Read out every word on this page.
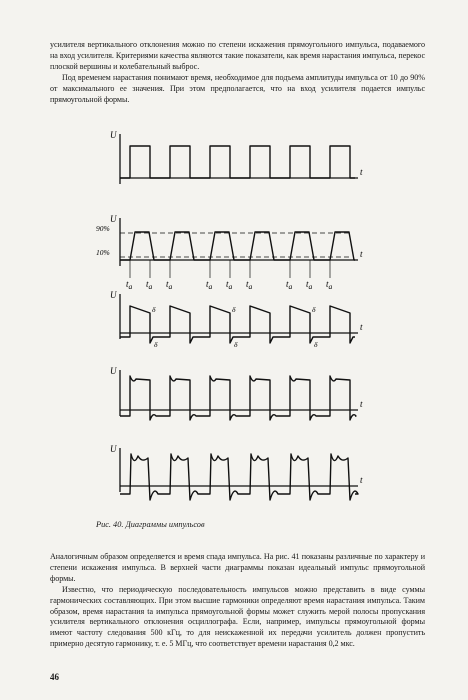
усилителя вертикального отклонения можно по степени искажения прямоугольного импульса, подаваемого на вход усилителя. Критериями качества являются такие показатели, как время нарастания импульса, перекос плоской вершины и колебательный выброс.

Под временем нарастания понимают время, необходимое для подъема амплитуды импульса от 10 до 90% от максимального ее значения. При этом предполагается, что на вход усилителя подается импульс прямоугольной формы.

U
t
U
t
90%
10%
$t_a$ $t_a$ $t_a$	$t_a$ $t_a$ $t_a$	$t_a$ $t_a$ $t_a$
U
t
δ	δ	δ
δ	δ	δ
U
t
U
t
Рис. 40. Диаграммы импульсов

Аналогичным образом определяется и время спада импульса. На рис. 41 показаны различные по характеру и степени искажения импульса. В верхней части диаграммы показан идеальный импульс прямоугольной формы.

Известно, что периодическую последовательность импульсов можно представить в виде суммы гармонических составляющих. При этом высшие гармоники определяют время нарастания импульса. Таким образом, время нарастания tа импульса прямоугольной формы может служить мерой полосы пропускания усилителя вертикального отклонения осциллографа. Если, например, импульсы прямоугольной формы имеют частоту следования 500 кГц, то для неискаженной их передачи усилитель должен пропустить примерно десятую гармонику, т. е. 5 МГц, что соответствует времени нарастания 0,2 мкс.

46
